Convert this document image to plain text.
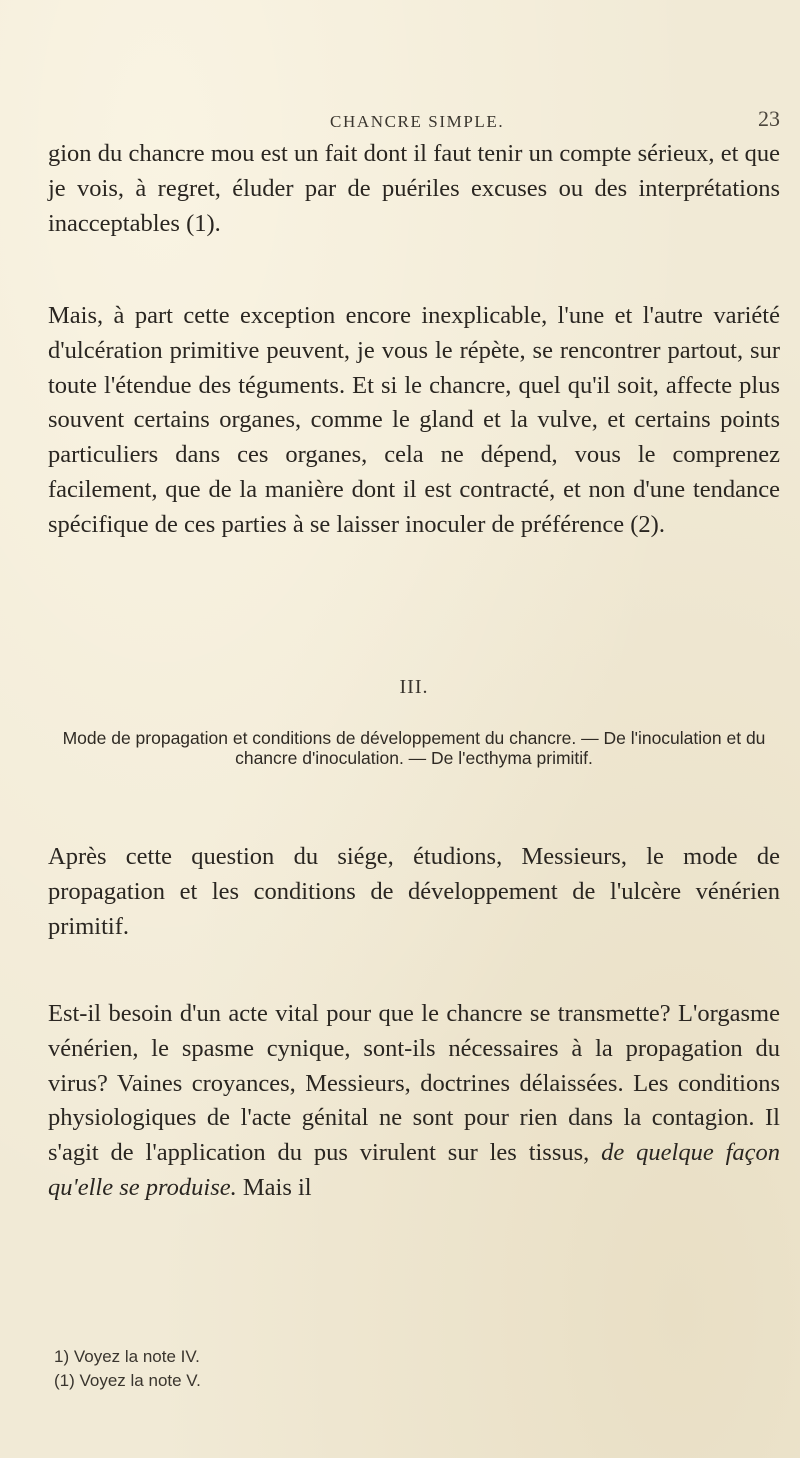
CHANCRE SIMPLE.	23

gion du chancre mou est un fait dont il faut tenir un compte sérieux, et que je vois, à regret, éluder par de puériles excuses ou des interprétations inacceptables (1).

Mais, à part cette exception encore inexplicable, l'une et l'autre variété d'ulcération primitive peuvent, je vous le répète, se rencontrer partout, sur toute l'étendue des téguments. Et si le chancre, quel qu'il soit, affecte plus souvent certains organes, comme le gland et la vulve, et certains points particuliers dans ces organes, cela ne dépend, vous le comprenez facilement, que de la manière dont il est contracté, et non d'une tendance spécifique de ces parties à se laisser inoculer de préférence (2).

III.

Mode de propagation et conditions de développement du chancre. — De l'inoculation et du chancre d'inoculation. — De l'ecthyma primitif.

Après cette question du siége, étudions, Messieurs, le mode de propagation et les conditions de développement de l'ulcère vénérien primitif.

Est-il besoin d'un acte vital pour que le chancre se transmette? L'orgasme vénérien, le spasme cynique, sont-ils nécessaires à la propagation du virus? Vaines croyances, Messieurs, doctrines délaissées. Les conditions physiologiques de l'acte génital ne sont pour rien dans la contagion. Il s'agit de l'application du pus virulent sur les tissus, de quelque façon qu'elle se produise. Mais il

1) Voyez la note IV.
(1) Voyez la note V.
